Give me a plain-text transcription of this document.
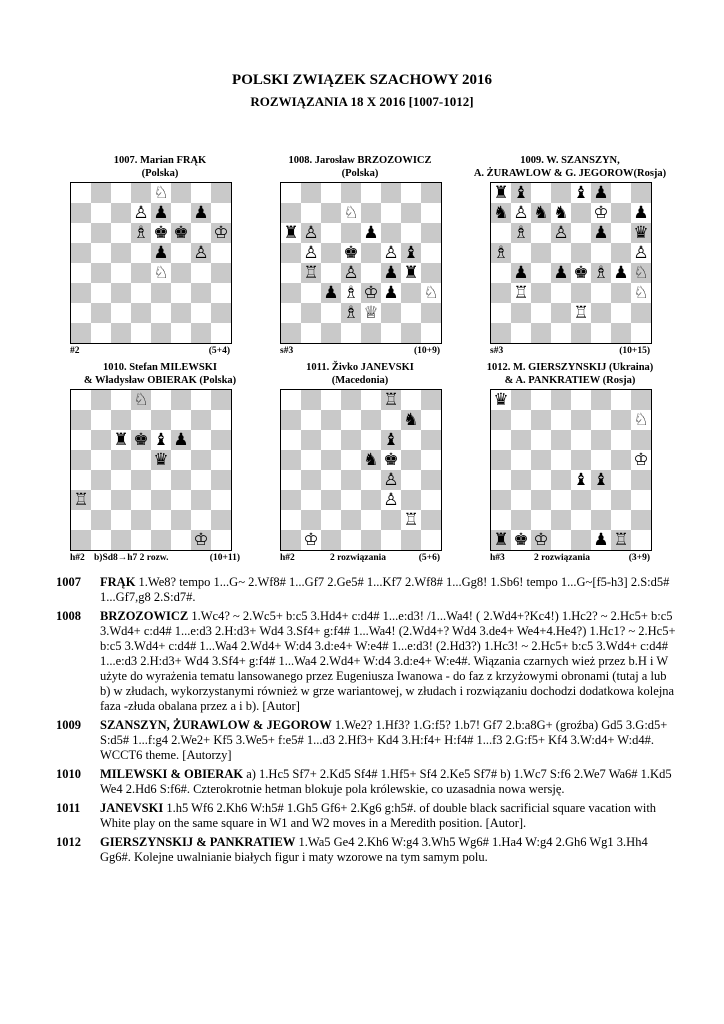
POLSKI ZWIĄZEK SZACHOWY 2016
ROZWIĄZANIA 18 X 2016 [1007-1012]
1007. Marian FRĄK
(Polska)
♘
♙ ♟ ♟
♗ ♚ ♚ ♔
♟ ♙
♘
#2	(5+4)
1008. Jarosław BRZOZOWICZ
(Polska)
♘
♜ ♙	♟
♙ ♚ ♙ ♝
♖ ♙ ♟ ♜
♟ ♗ ♔ ♟ ♘
♗ ♕
s#3	(10+9)
1009. W. SZANSZYN,
A. ŻURAWLOW & G. JEGOROW(Rosja)
♜ ♝	♝ ♟
♞ ♙ ♞ ♞ ♔ ♟
♗ ♙ ♟ ♛
♗	♙
♟ ♟ ♚ ♗ ♟ ♘
♖	♘
♖
s#3	(10+15)
1010. Stefan MILEWSKI
& Władysław OBIERAK (Polska)
♘
♜ ♚ ♝ ♟
♛
♖
♔
h#2 b)Sd8→h7 2 rozw.	(10+11)
1011. Živko JANEVSKI
(Macedonia)
♖
♞
♝
♞ ♚
♙
♙
♖
♔
h#2	2 rozwiązania	(5+6)
1012. M. GIERSZYNSKIJ (Ukraina)
& A. PANKRATIEW (Rosja)
♛
♘
♔
♝ ♝
♜ ♚ ♔	♟ ♖
h#3	2 rozwiązania	(3+9)
1007 FRĄK 1.We8? tempo 1...G~ 2.Wf8# 1...Gf7 2.Ge5# 1...Kf7 2.Wf8# 1...Gg8! 1.Sb6! tempo 1...G~[f5-h3] 2.S:d5# 1...Gf7,g8 2.S:d7#.
1008 BRZOZOWICZ 1.Wc4? ~ 2.Wc5+ b:c5 3.Hd4+ c:d4# 1...e:d3! /1...Wa4! ( 2.Wd4+?Kc4!) 1.Hc2? ~ 2.Hc5+ b:c5 3.Wd4+ c:d4# 1...e:d3 2.H:d3+ Wd4 3.Sf4+ g:f4# 1...Wa4! (2.Wd4+? Wd4 3.de4+ We4+4.He4?) 1.Hc1? ~ 2.Hc5+ b:c5 3.Wd4+ c:d4# 1...Wa4 2.Wd4+ W:d4 3.d:e4+ W:e4# 1...e:d3! (2.Hd3?) 1.Hc3! ~ 2.Hc5+ b:c5 3.Wd4+ c:d4# 1...e:d3 2.H:d3+ Wd4 3.Sf4+ g:f4# 1...Wa4 2.Wd4+ W:d4 3.d:e4+ W:e4#. Wiązania czarnych wież przez b.H i W użyte do wyrażenia tematu lansowanego przez Eugeniusza Iwanowa - do faz z krzyżowymi obronami (tutaj a lub b) w złudach, wykorzystanymi również w grze wariantowej, w złudach i rozwiązaniu dochodzi dodatkowa kolejna faza -złuda obalana przez a i b). [Autor]
1009 SZANSZYN, ŻURAWLOW & JEGOROW 1.We2? 1.Hf3? 1.G:f5? 1.b7! Gf7 2.b:a8G+ (groźba) Gd5 3.G:d5+ S:d5# 1...f:g4 2.We2+ Kf5 3.We5+ f:e5# 1...d3 2.Hf3+ Kd4 3.H:f4+ H:f4# 1...f3 2.G:f5+ Kf4 3.W:d4+ W:d4#. WCCT6 theme. [Autorzy]
1010 MILEWSKI & OBIERAK a) 1.Hc5 Sf7+ 2.Kd5 Sf4# 1.Hf5+ Sf4 2.Ke5 Sf7# b) 1.Wc7 S:f6 2.We7 Wa6# 1.Kd5 We4 2.Hd6 S:f6#. Czterokrotnie hetman blokuje pola królewskie, co uzasadnia nowa wersję.
1011 JANEVSKI 1.h5 Wf6 2.Kh6 W:h5# 1.Gh5 Gf6+ 2.Kg6 g:h5#. of double black sacrificial square vacation with White play on the same square in W1 and W2 moves in a Meredith position. [Autor].
1012 GIERSZYNSKIJ & PANKRATIEW 1.Wa5 Ge4 2.Kh6 W:g4 3.Wh5 Wg6# 1.Ha4 W:g4 2.Gh6 Wg1 3.Hh4 Gg6#. Kolejne uwalnianie białych figur i maty wzorowe na tym samym polu.
